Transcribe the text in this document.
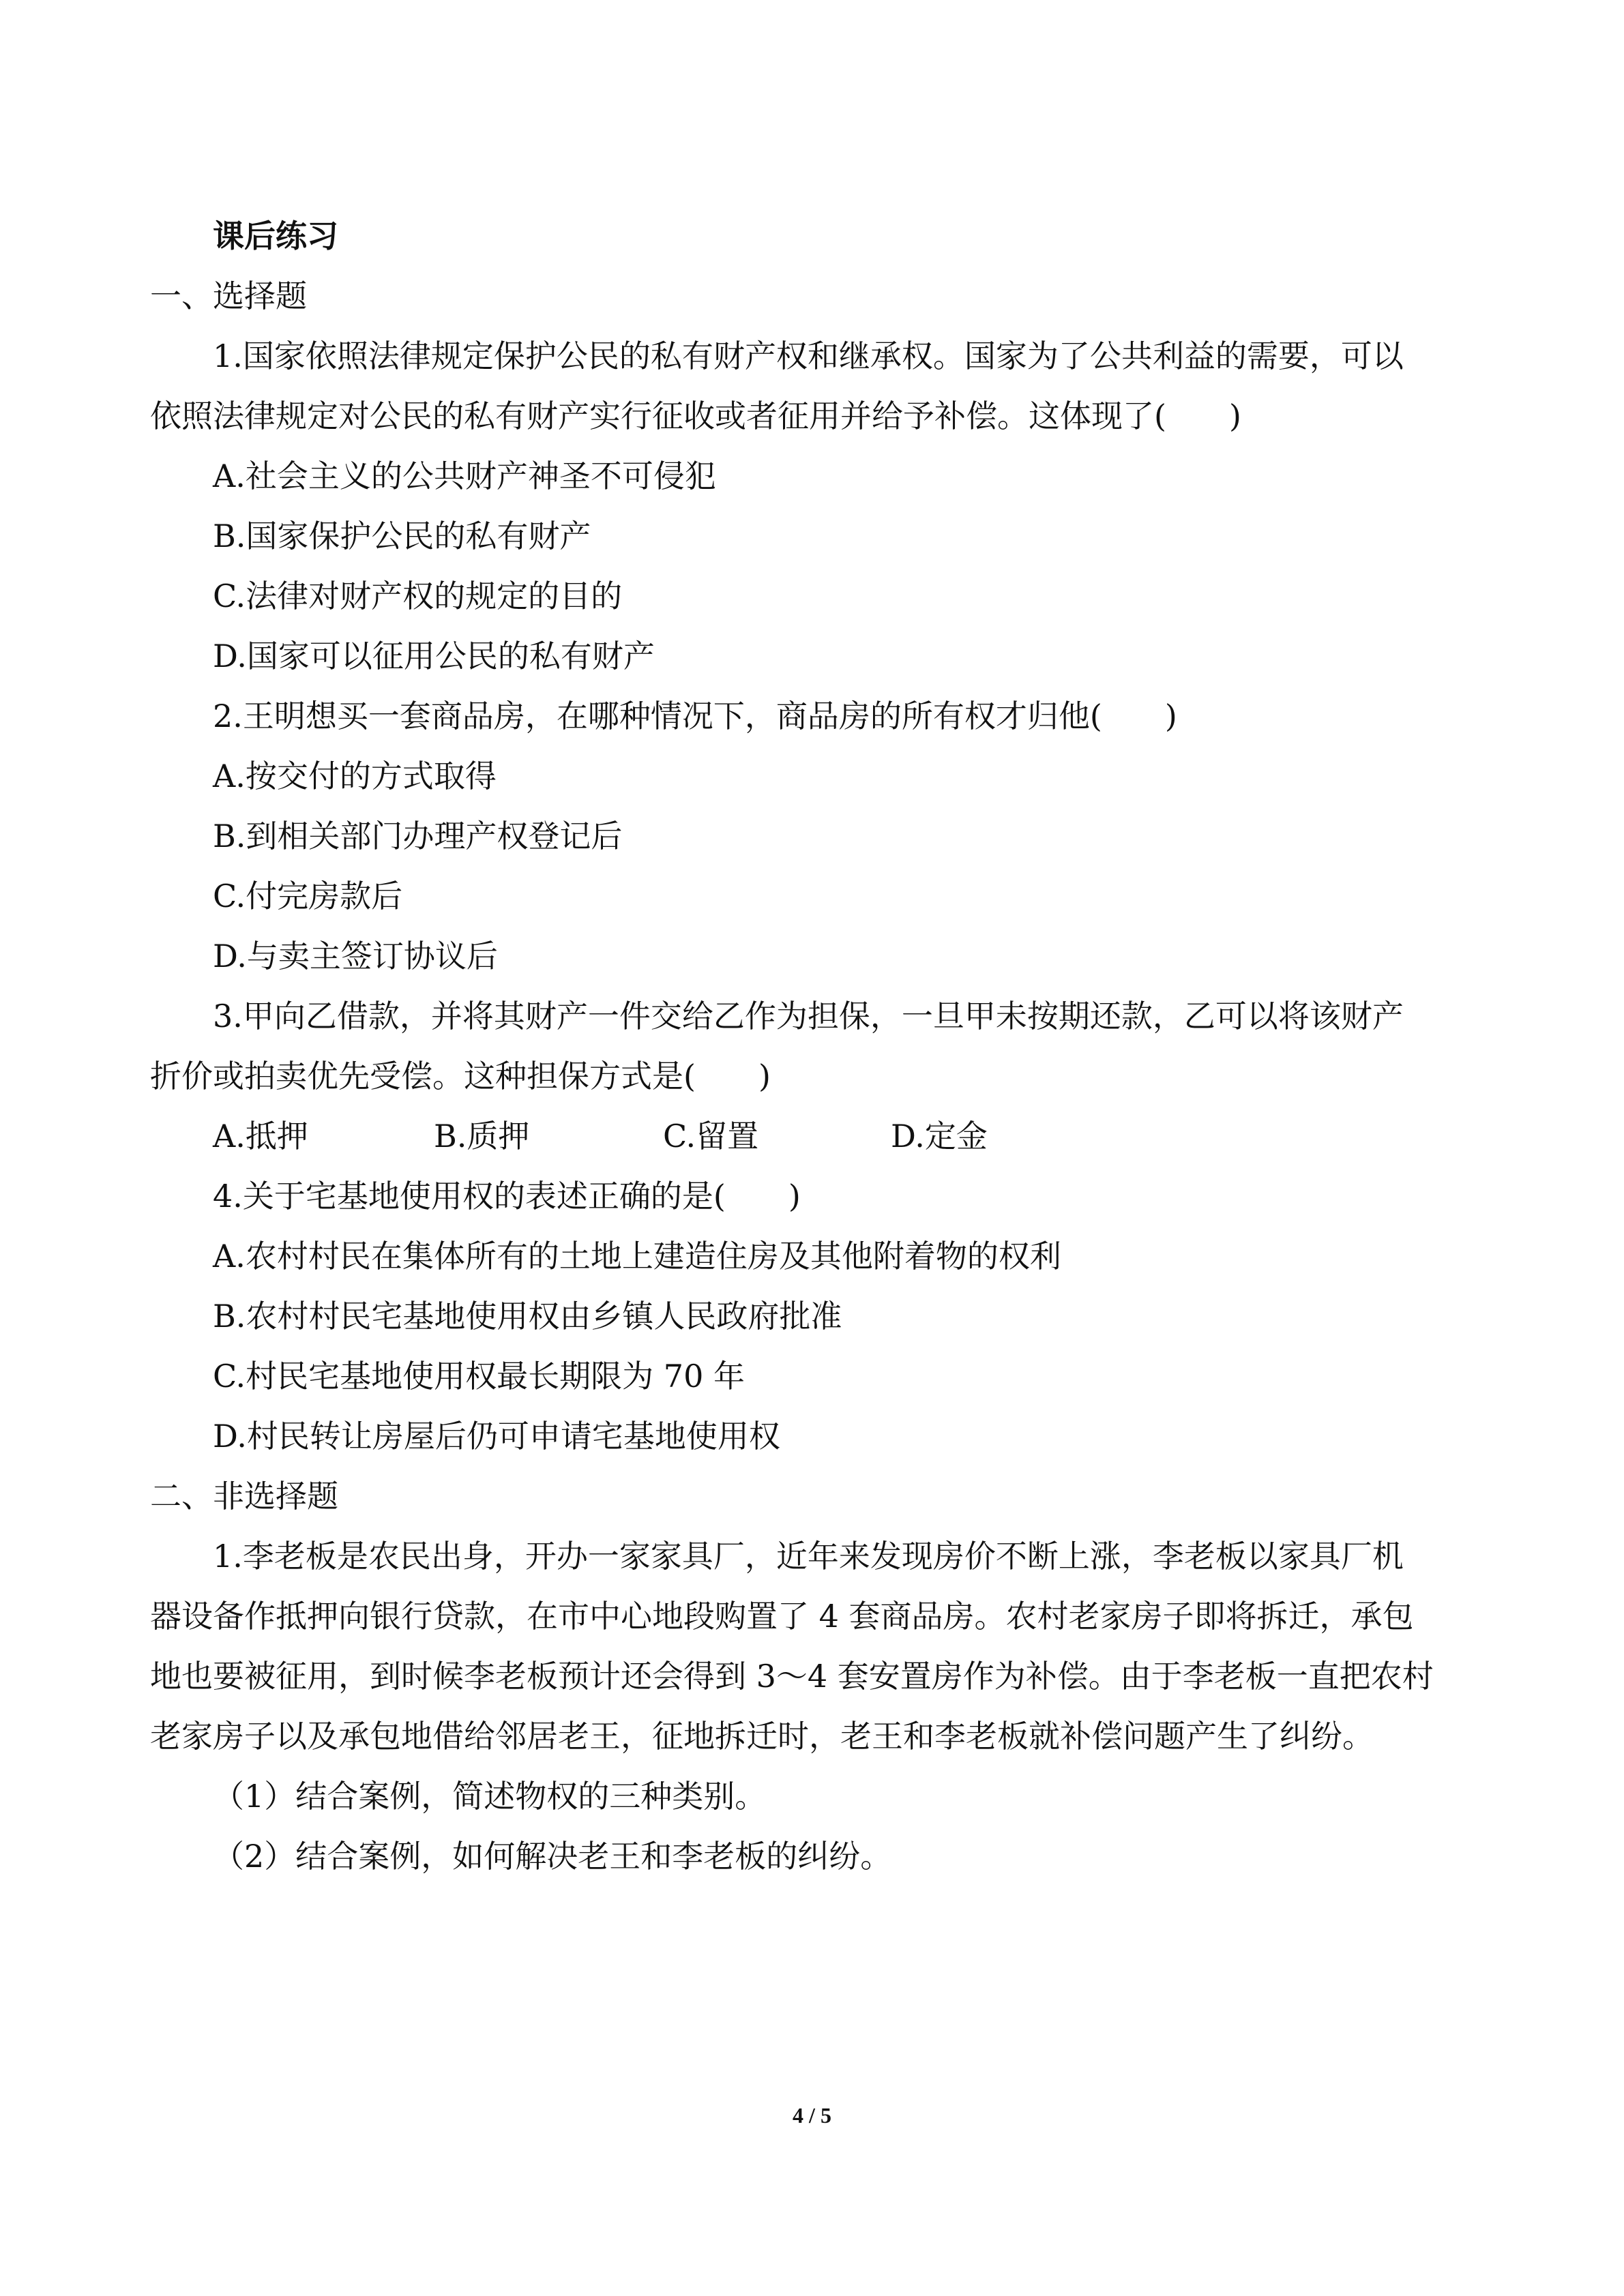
课后练习
一、选择题
1.国家依照法律规定保护公民的私有财产权和继承权。国家为了公共利益的需要，可以
依照法律规定对公民的私有财产实行征收或者征用并给予补偿。这体现了(　　)
A.社会主义的公共财产神圣不可侵犯
B.国家保护公民的私有财产
C.法律对财产权的规定的目的
D.国家可以征用公民的私有财产
2.王明想买一套商品房，在哪种情况下，商品房的所有权才归他(　　)
A.按交付的方式取得
B.到相关部门办理产权登记后
C.付完房款后
D.与卖主签订协议后
3.甲向乙借款，并将其财产一件交给乙作为担保，一旦甲未按期还款，乙可以将该财产
折价或拍卖优先受偿。这种担保方式是(　　)
A.抵押	B.质押	C.留置	D.定金
4.关于宅基地使用权的表述正确的是(　　)
A.农村村民在集体所有的土地上建造住房及其他附着物的权利
B.农村村民宅基地使用权由乡镇人民政府批准
C.村民宅基地使用权最长期限为 70 年
D.村民转让房屋后仍可申请宅基地使用权
二、非选择题
1.李老板是农民出身，开办一家家具厂，近年来发现房价不断上涨，李老板以家具厂机
器设备作抵押向银行贷款，在市中心地段购置了 4 套商品房。农村老家房子即将拆迁，承包
地也要被征用，到时候李老板预计还会得到 3～4 套安置房作为补偿。由于李老板一直把农村
老家房子以及承包地借给邻居老王，征地拆迁时，老王和李老板就补偿问题产生了纠纷。
（1）结合案例，简述物权的三种类别。
（2）结合案例，如何解决老王和李老板的纠纷。
4 / 5
